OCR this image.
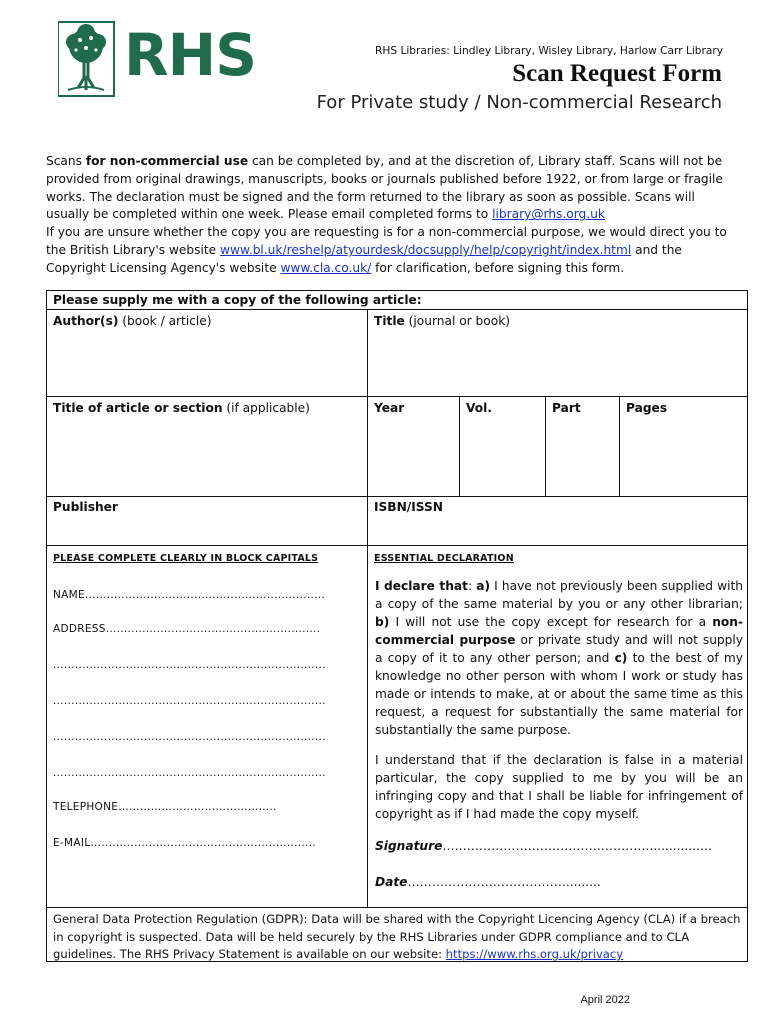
RHS	RHS Libraries: Lindley Library, Wisley Library, Harlow Carr Library
Scan Request Form
For Private study / Non-commercial Research

Scans for non-commercial use can be completed by, and at the discretion of, Library staff. Scans will not be provided from original drawings, manuscripts, books or journals published before 1922, or from large or fragile works. The declaration must be signed and the form returned to the library as soon as possible. Scans will usually be completed within one week. Please email completed forms to library@rhs.org.uk

If you are unsure whether the copy you are requesting is for a non-commercial purpose, we would direct you to the British Library's website www.bl.uk/reshelp/atyourdesk/docsupply/help/copyright/index.html and the Copyright Licensing Agency's website www.cla.co.uk/ for clarification, before signing this form.

Please supply me with a copy of the following article:
Author(s) (book / article)	Title (journal or book)
Title of article or section (if applicable)	Year	Vol.	Part	Pages
Publisher	ISBN/ISSN
PLEASE COMPLETE CLEARLY IN BLOCK CAPITALS	ESSENTIAL DECLARATION
NAME..................................................................
ADDRESS...........................................................
...........................................................................
...........................................................................
...........................................................................
...........................................................................
TELEPHONE……………………………………..
E-MAIL..............................................................

I declare that: a) I have not previously been supplied with a copy of the same material by you or any other librarian; b) I will not use the copy except for research for a non-commercial purpose or private study and will not supply a copy of it to any other person; and c) to the best of my knowledge no other person with whom I work or study has made or intends to make, at or about the same time as this request, a request for substantially the same material for substantially the same purpose.

I understand that if the declaration is false in a material particular, the copy supplied to me by you will be an infringing copy and that I shall be liable for infringement of copyright as if I had made the copy myself.

Signature…………………………………………….............…
Date………………………………….........
General Data Protection Regulation (GDPR): Data will be shared with the Copyright Licencing Agency (CLA) if a breach in copyright is suspected. Data will be held securely by the RHS Libraries under GDPR compliance and to CLA guidelines. The RHS Privacy Statement is available on our website: https://www.rhs.org.uk/privacy
April 2022
